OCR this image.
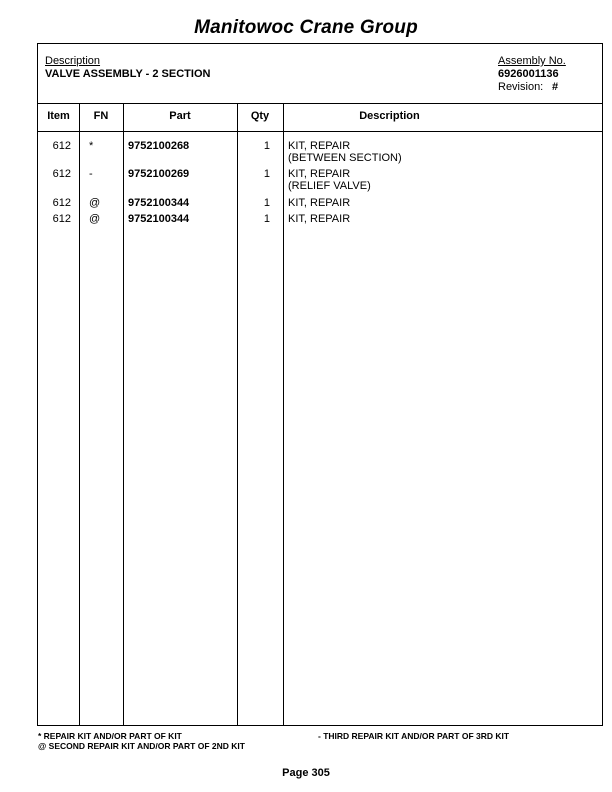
Manitowoc Crane Group
Description
VALVE ASSEMBLY - 2 SECTION
Assembly No.
6926001136
Revision: #
Item	FN	Part	Qty	Description
612 *	9752100268	1 KIT, REPAIR
(BETWEEN SECTION)
612 -	9752100269	1 KIT, REPAIR
(RELIEF VALVE)
612 @	9752100344	1 KIT, REPAIR
612 @	9752100344	1 KIT, REPAIR
* REPAIR KIT AND/OR PART OF KIT
@ SECOND REPAIR KIT AND/OR PART OF 2ND KIT
- THIRD REPAIR KIT AND/OR PART OF 3RD KIT
Page 305
